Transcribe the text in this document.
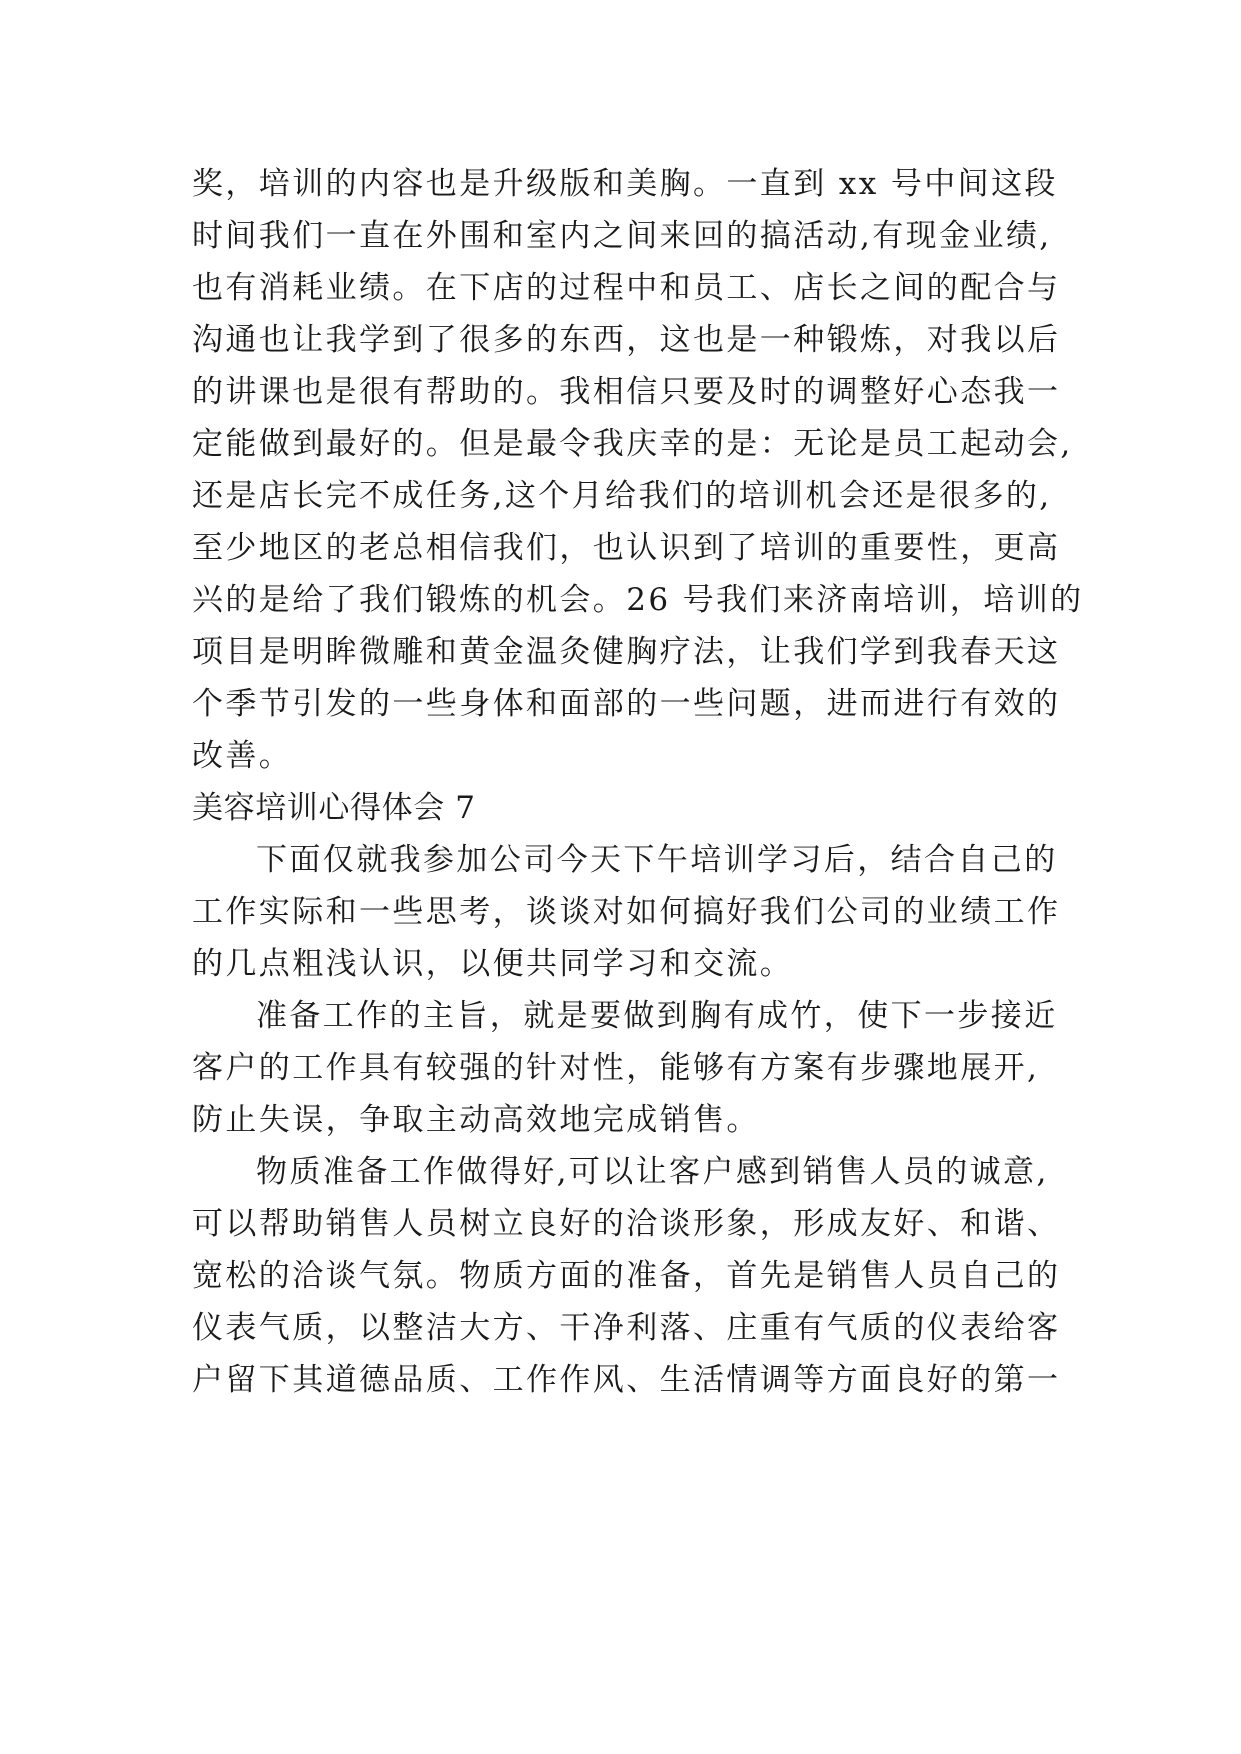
奖，培训的内容也是升级版和美胸。一直到 xx 号中间这段
时间我们一直在外围和室内之间来回的搞活动,有现金业绩,
也有消耗业绩。在下店的过程中和员工、店长之间的配合与
沟通也让我学到了很多的东西，这也是一种锻炼，对我以后
的讲课也是很有帮助的。我相信只要及时的调整好心态我一
定能做到最好的。但是最令我庆幸的是：无论是员工起动会,
还是店长完不成任务,这个月给我们的培训机会还是很多的,
至少地区的老总相信我们，也认识到了培训的重要性，更高
兴的是给了我们锻炼的机会。26 号我们来济南培训，培训的
项目是明眸微雕和黄金温灸健胸疗法，让我们学到我春天这
个季节引发的一些身体和面部的一些问题，进而进行有效的
改善。
美容培训心得体会 7
下面仅就我参加公司今天下午培训学习后，结合自己的
工作实际和一些思考，谈谈对如何搞好我们公司的业绩工作
的几点粗浅认识，以便共同学习和交流。
准备工作的主旨，就是要做到胸有成竹，使下一步接近
客户的工作具有较强的针对性，能够有方案有步骤地展开,
防止失误，争取主动高效地完成销售。
物质准备工作做得好,可以让客户感到销售人员的诚意,
可以帮助销售人员树立良好的洽谈形象，形成友好、和谐、
宽松的洽谈气氛。物质方面的准备，首先是销售人员自己的
仪表气质，以整洁大方、干净利落、庄重有气质的仪表给客
户留下其道德品质、工作作风、生活情调等方面良好的第一
